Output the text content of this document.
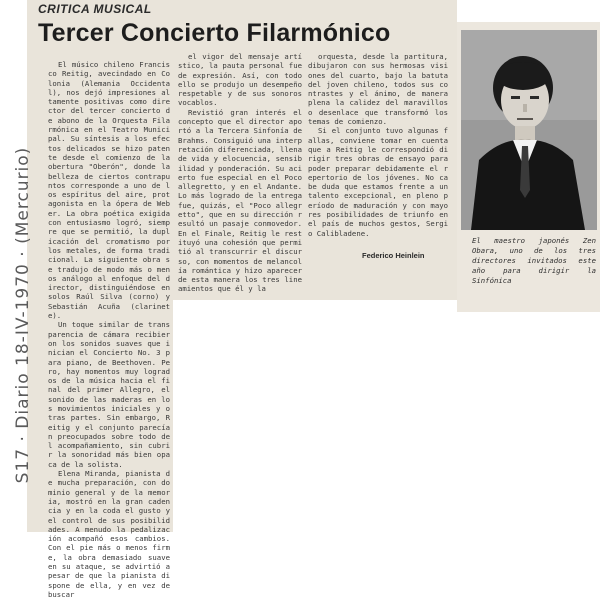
CRITICA MUSICAL
Tercer Concierto Filarmónico

El músico chileno Francisco Reitig, avecindado en Colonia (Alemania Occidental), nos dejó impresiones altamente positivas como director del tercer concierto de abono de la Orquesta Filarmónica en el Teatro Municipal. Su síntesis a los efectos delicados se hizo patente desde el comienzo de la obertura "Oberón", donde la belleza de ciertos contrapuntos corresponde a uno de los espíritus del aire, protagonista en la ópera de Weber. La obra poética exigida con entusiasmo logró, siempre que se permitió, la duplicación del cromatismo por los metales, de forma tradicional. La siguiente obra se tradujo de modo más o menos análogo al enfoque del director, distinguiéndose en solos Raúl Silva (corno) y Sebastián Acuña (clarinete).

Un toque similar de transparencia de cámara recibieron los sonidos suaves que inician el Concierto No. 3 para piano, de Beethoven. Pero, hay momentos muy logrados de la música hacia el final del primer Allegro, el sonido de las maderas en los movimientos iniciales y otras partes. Sin embargo, Reitig y el conjunto parecían preocupados sobre todo del acompañamiento, sin cubrir la sonoridad más bien opaca de la solista.

Elena Miranda, pianista de mucha preparación, con dominio general y de la memoria, mostró en la gran cadencia y en la coda el gusto y el control de sus posibilidades. A menudo la pedalización acompañó esos cambios. Con el pie más o menos firme, la obra demasiado suave en su ataque, se advirtió a pesar de que la pianista dispone de ella, y en vez de buscar

el vigor del mensaje artístico, la pauta personal fue de expresión. Así, con todo ello se produjo un desempeño respetable y de sus sonoros vocablos.

Revistió gran interés el concepto que el director aportó a la Tercera Sinfonía de Brahms. Consiguió una interpretación diferenciada, llena de vida y elocuencia, sensibilidad y ponderación. Su acierto fue especial en el Poco allegretto, y en el Andante. Lo más logrado de la entrega fue, quizás, el "Poco allegretto", que en su dirección resultó un pasaje conmovedor. En el Finale, Reitig le restituyó una cohesión que permitió al transcurrir el discurso, con momentos de melancolía romántica y hizo aparecer de esta manera los tres lineamientos que él y la

orquesta, desde la partitura, dibujaron con sus hermosas visiones del cuarto, bajo la batuta del joven chileno, todos sus contrastes y el ánimo, de manera plena la calidez del maravilloso desenlace que transformó los temas de comienzo.

Si el conjunto tuvo algunas fallas, conviene tomar en cuenta que a Reitig le correspondió dirigir tres obras de ensayo para poder preparar debidamente el repertorio de los jóvenes. No cabe duda que estamos frente a un talento excepcional, en pleno período de maduración y con mayores posibilidades de triunfo en el país de muchos gestos, Sergio Calibladene.

Federico Heinlein
El maestro japonés Zen Obara, uno de los tres directores invitados este año para dirigir la Sinfónica
S17 · Diario 18-IV-1970 · (Mercurio)
